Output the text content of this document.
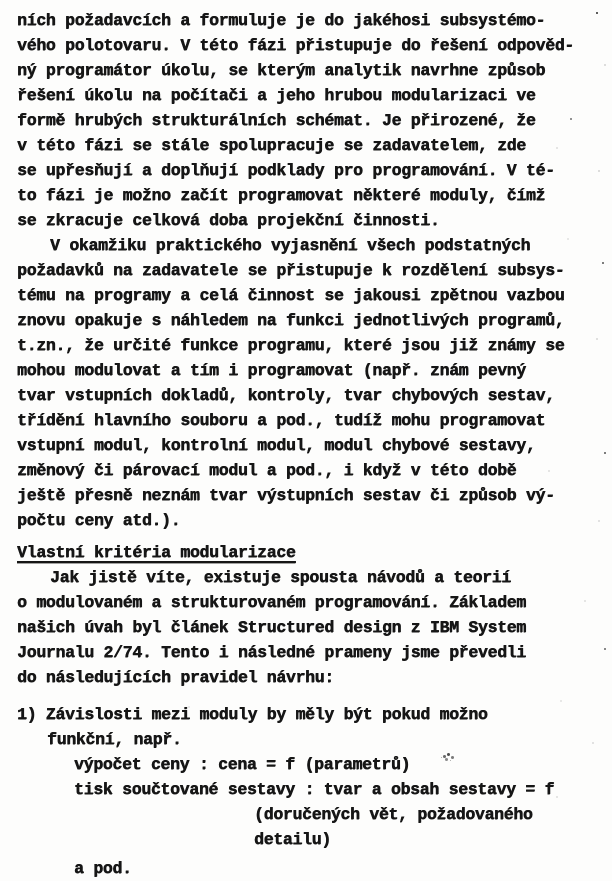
ních požadavcích a formuluje je do jakéhosi subsystémo-
vého polotovaru. V této fázi přistupuje do řešení odpověd-
ný programátor úkolu, se kterým analytik navrhne způsob
řešení úkolu na počítači a jeho hrubou modularizaci ve
formě hrubých strukturálních schémat. Je přirozené, že
v této fázi se stále spolupracuje se zadavatelem, zde
se upřesňují a doplňují podklady pro programování. V té-
to fázi je možno začít programovat některé moduly, čímž
se zkracuje celková doba projekční činnosti.
V okamžiku praktického vyjasnění všech podstatných
požadavků na zadavatele se přistupuje k rozdělení subsys-
tému na programy a celá činnost se jakousi zpětnou vazbou
znovu opakuje s náhledem na funkci jednotlivých programů,
t.zn., že určité funkce programu, které jsou již známy se
mohou modulovat a tím i programovat (např. znám pevný
tvar vstupních dokladů, kontroly, tvar chybových sestav,
třídění hlavního souboru a pod., tudíž mohu programovat
vstupní modul, kontrolní modul, modul chybové sestavy,
změnový či párovací modul a pod., i když v této době
ještě přesně neznám tvar výstupních sestav či způsob vý-
počtu ceny atd.).
Vlastní kritéria modularizace
Jak jistě víte, existuje spousta návodů a teorií
o modulovaném a strukturovaném programování. Základem
našich úvah byl článek Structured design z IBM System
Journalu 2/74. Tento i následné prameny jsme převedli
do následujících pravidel návrhu:
1) Závislosti mezi moduly by měly být pokud možno
funkční, např.
výpočet ceny : cena = f (parametrů)
tisk součtované sestavy : tvar a obsah sestavy = f
(doručených vět, požadovaného
detailu)
a pod.
